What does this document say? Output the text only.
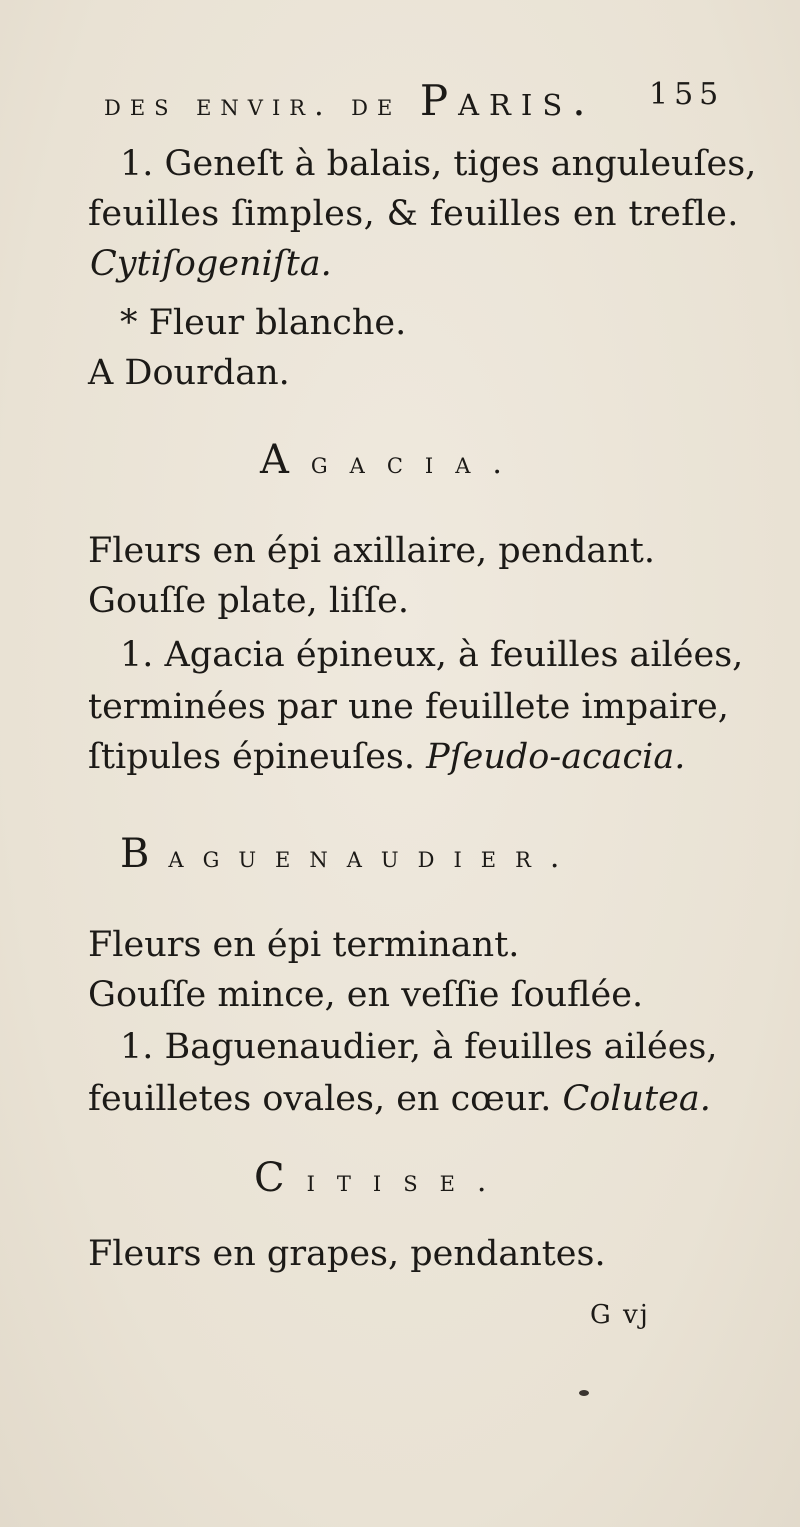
des envir. de Paris. 155
1. Geneſt à balais, tiges anguleuſes,
feuilles ſimples, & feuilles en trefle.
Cytiſogeniſta.
* Fleur blanche.
A Dourdan.
Agacia.
Fleurs en épi axillaire, pendant.
Gouſſe plate, liſſe.
1. Agacia épineux, à feuilles ailées,
terminées par une feuillete impaire,
ſtipules épineuſes. Pſeudo-acacia.
Baguenaudier.
Fleurs en épi terminant.
Gouſſe mince, en veſſie ſouflée.
1. Baguenaudier, à feuilles ailées,
feuilletes ovales, en cœur. Colutea.
Citise.
Fleurs en grapes, pendantes.
G vj
